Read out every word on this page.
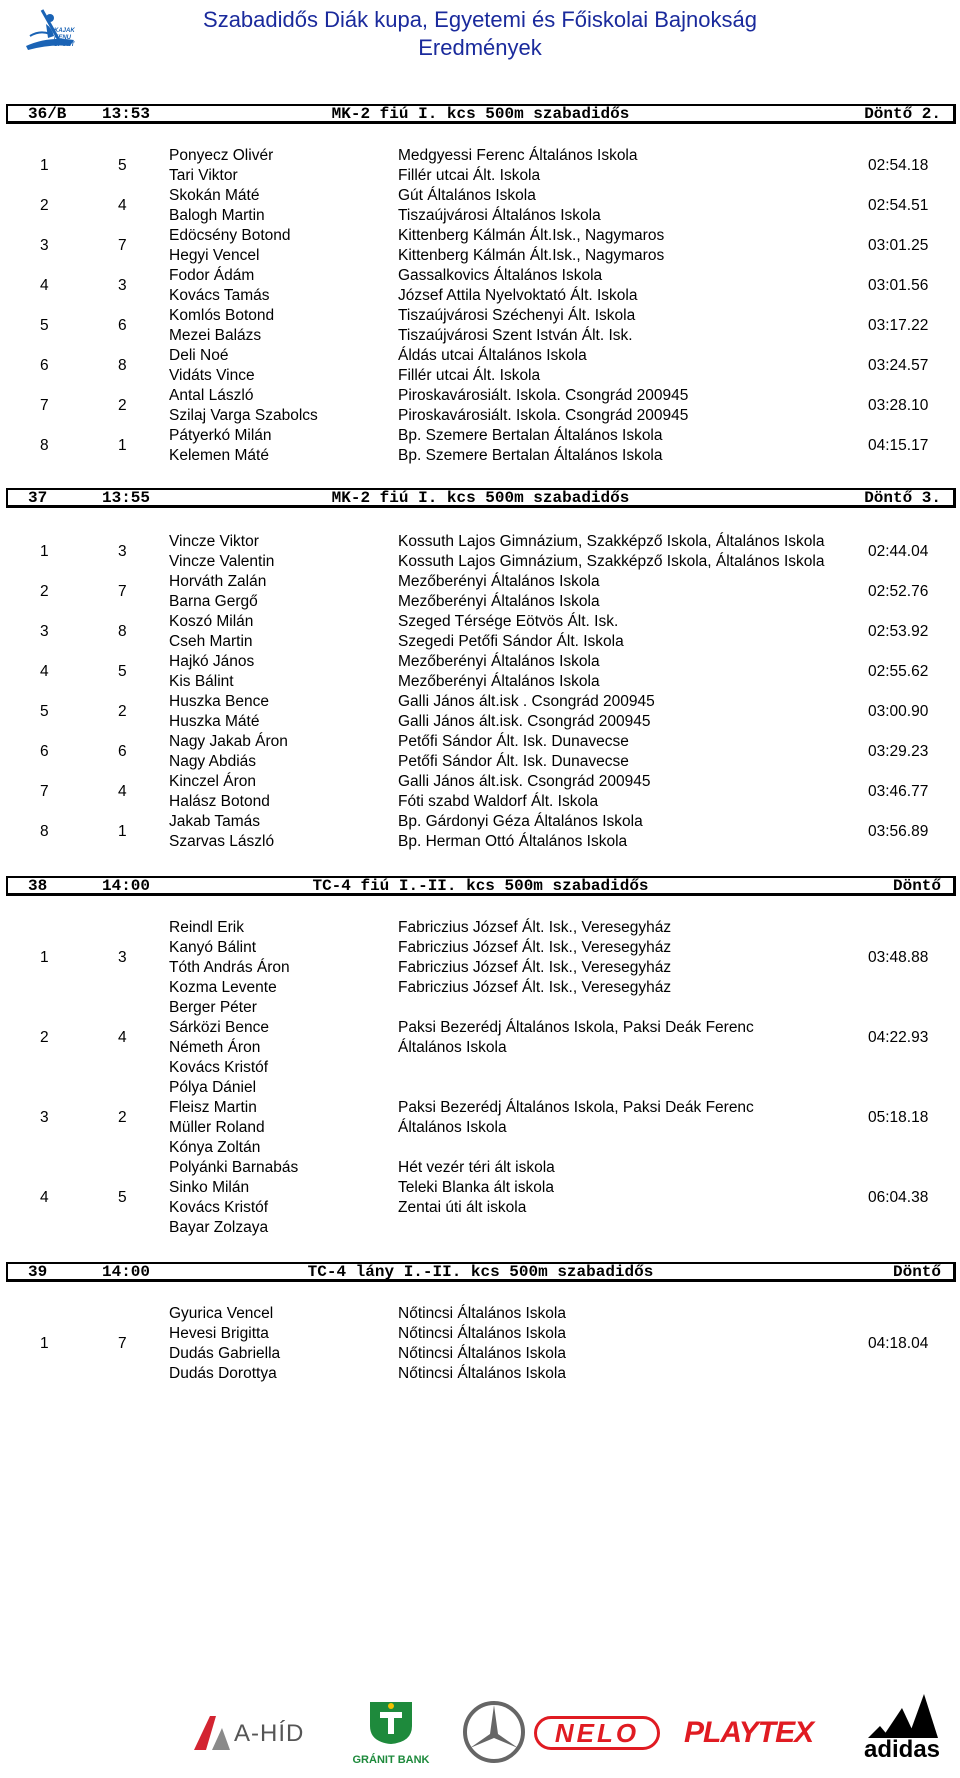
KAJAK KENU SPORT
Szabadidős Diák kupa, Egyetemi és Főiskolai Bajnokság
Eredmények
36/B 13:53	MK-2 fiú I. kcs 500m szabadidős	Döntő 2.
1	5	02:54.18
Ponyecz Olivér	Medgyessi Ferenc Általános Iskola
Tari Viktor	Fillér utcai Ált. Iskola
2	4	02:54.51
Skokán Máté	Gút Általános Iskola
Balogh Martin	Tiszaújvárosi Általános Iskola
3	7	03:01.25
Edöcsény Botond	Kittenberg Kálmán Ált.Isk., Nagymaros
Hegyi Vencel	Kittenberg Kálmán Ált.Isk., Nagymaros
4	3	03:01.56
Fodor Ádám	Gassalkovics Általános Iskola
Kovács Tamás	József Attila Nyelvoktató Ált. Iskola
5	6	03:17.22
Komlós Botond	Tiszaújvárosi Széchenyi Ált. Iskola
Mezei Balázs	Tiszaújvárosi Szent István Ált. Isk.
6	8	03:24.57
Deli Noé	Áldás utcai Általános Iskola
Vidáts Vince	Fillér utcai Ált. Iskola
7	2	03:28.10
Antal László	Piroskavárosiált. Iskola. Csongrád 200945
Szilaj Varga Szabolcs	Piroskavárosiált. Iskola. Csongrád 200945
8	1	04:15.17
Pátyerkó Milán	Bp. Szemere Bertalan Általános Iskola
Kelemen Máté	Bp. Szemere Bertalan Általános Iskola
37	13:55	MK-2 fiú I. kcs 500m szabadidős	Döntő 3.
1	3	02:44.04
Vincze Viktor	Kossuth Lajos Gimnázium, Szakképző Iskola, Általános Iskola
Vincze Valentin	Kossuth Lajos Gimnázium, Szakképző Iskola, Általános Iskola
2	7	02:52.76
Horváth Zalán	Mezőberényi Általános Iskola
Barna Gergő	Mezőberényi Általános Iskola
3	8	02:53.92
Koszó Milán	Szeged Térsége Eötvös Ált. Isk.
Cseh Martin	Szegedi Petőfi Sándor Ált. Iskola
4	5	02:55.62
Hajkó János	Mezőberényi Általános Iskola
Kis Bálint	Mezőberényi Általános Iskola
5	2	03:00.90
Huszka Bence	Galli János ált.isk . Csongrád 200945
Huszka Máté	Galli János ált.isk. Csongrád 200945
6	6	03:29.23
Nagy Jakab Áron	Petőfi Sándor Ált. Isk. Dunavecse
Nagy Abdiás	Petőfi Sándor Ált. Isk. Dunavecse
7	4	03:46.77
Kinczel Áron	Galli János ált.isk. Csongrád 200945
Halász Botond	Fóti szabd Waldorf Ált. Iskola
8	1	03:56.89
Jakab Tamás	Bp. Gárdonyi Géza Általános Iskola
Szarvas László	Bp. Herman Ottó Általános Iskola
38	14:00	TC-4 fiú I.-II. kcs 500m szabadidős	Döntő
1	3	03:48.88
Reindl Erik	Fabriczius József Ált. Isk., Veresegyház
Kanyó Bálint	Fabriczius József Ált. Isk., Veresegyház
Tóth András Áron	Fabriczius József Ált. Isk., Veresegyház
Kozma Levente	Fabriczius József Ált. Isk., Veresegyház
2	4	04:22.93
Berger Péter
Sárközi Bence	Paksi Bezerédj Általános Iskola, Paksi Deák Ferenc
Németh Áron	Általános Iskola
Kovács Kristóf
3	2	05:18.18
Pólya Dániel
Fleisz Martin	Paksi Bezerédj Általános Iskola, Paksi Deák Ferenc
Müller Roland	Általános Iskola
Kónya Zoltán
4	5	06:04.38
Polyánki Barnabás	Hét vezér téri ált iskola
Sinko Milán	Teleki Blanka ált iskola
Kovács Kristóf	Zentai úti ált iskola
Bayar Zolzaya
39	14:00	TC-4 lány I.-II. kcs 500m szabadidős	Döntő
1	7	04:18.04
Gyurica Vencel	Nőtincsi Általános Iskola
Hevesi Brigitta	Nőtincsi Általános Iskola
Dudás Gabriella	Nőtincsi Általános Iskola
Dudás Dorottya	Nőtincsi Általános Iskola
A-HÍD
GRÁNIT BANK
NELO	PLAYTEX
adidas
